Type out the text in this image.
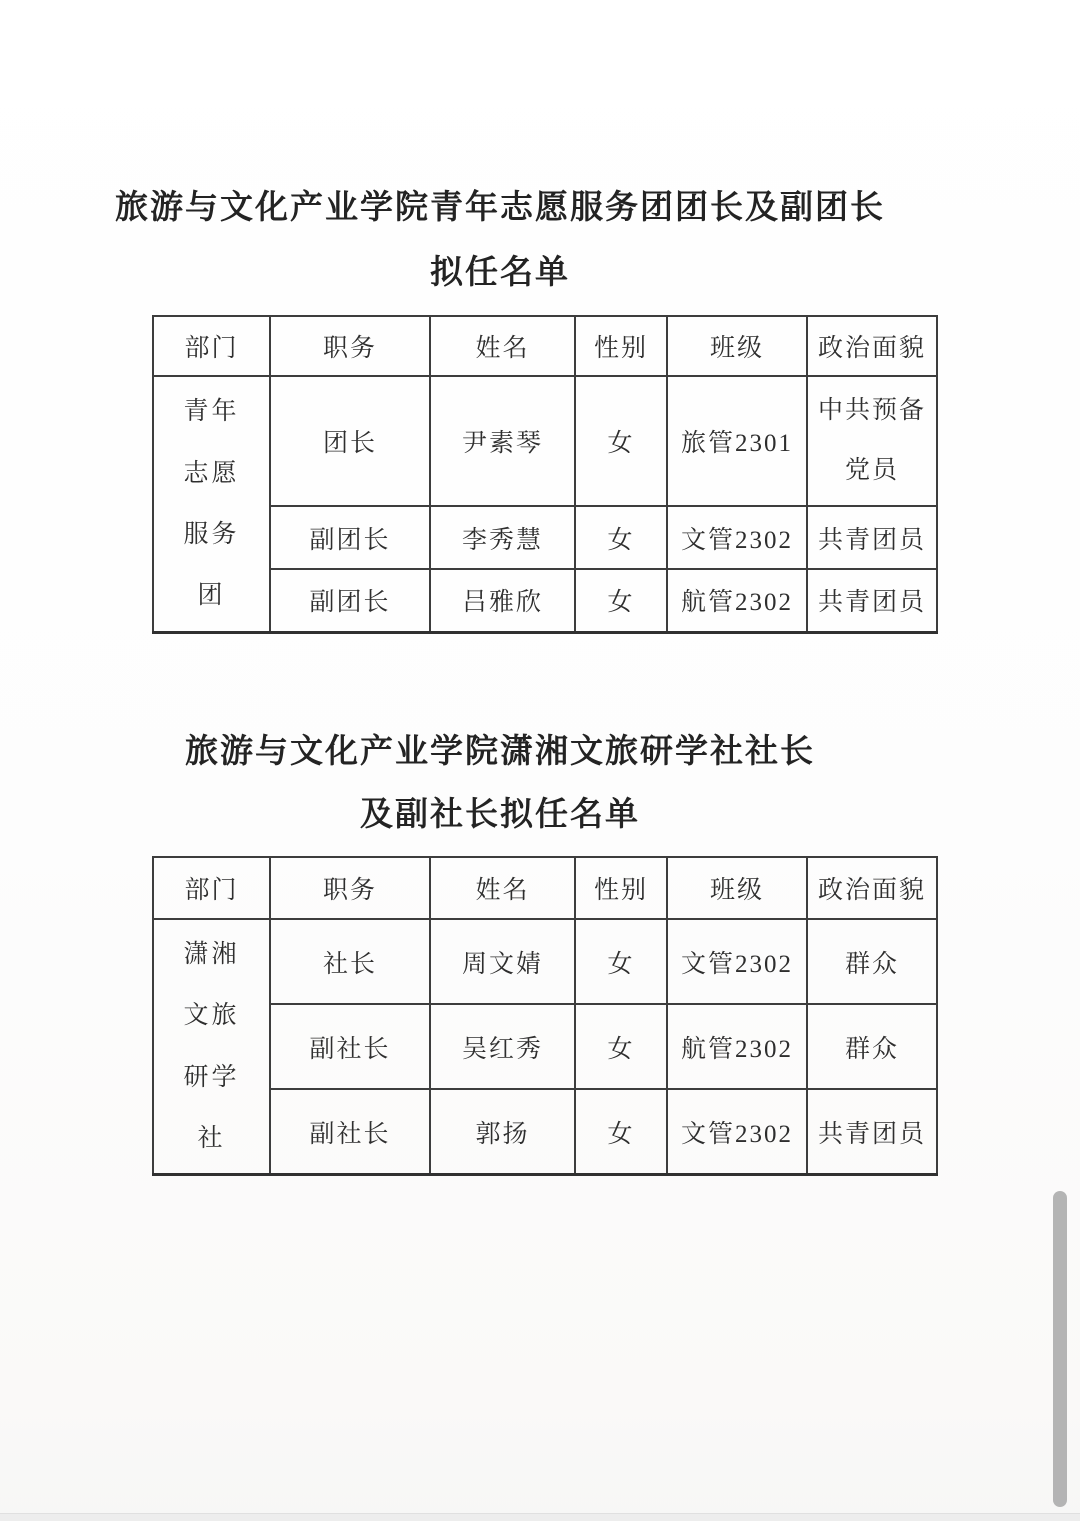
旅游与文化产业学院青年志愿服务团团长及副团长
拟任名单
部门	职务	姓名	性别	班级	政治面貌
青年志愿服务团	团长	尹素琴	女	旅管2301	中共预备党员
	副团长	李秀慧	女	文管2302	共青团员
	副团长	吕雅欣	女	航管2302	共青团员
旅游与文化产业学院潇湘文旅研学社社长
及副社长拟任名单
部门	职务	姓名	性别	班级	政治面貌
潇湘文旅研学社	社长	周文婧	女	文管2302	群众
	副社长	吴红秀	女	航管2302	群众
	副社长	郭扬	女	文管2302	共青团员
